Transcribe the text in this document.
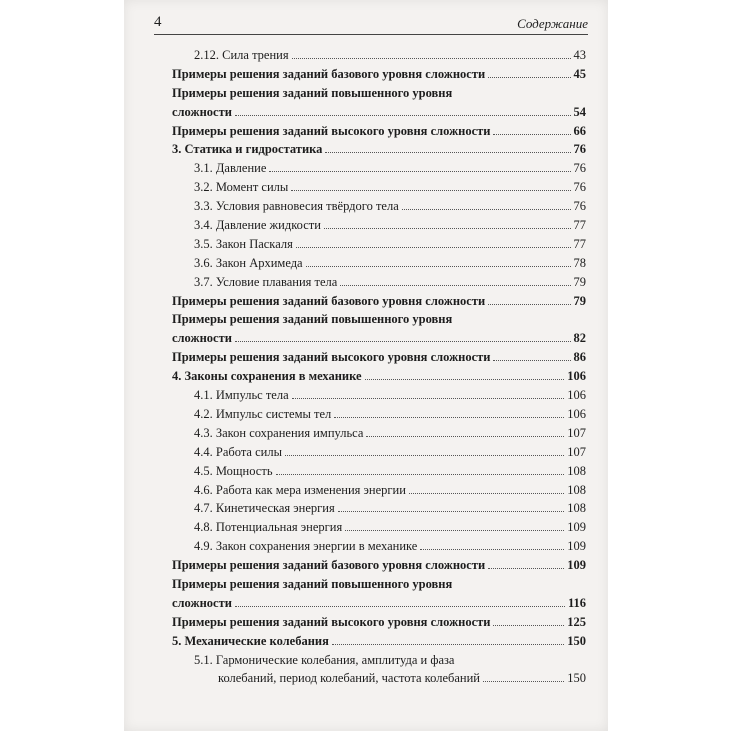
4	Содержание
2.12. Сила трения	43
Примеры решения заданий базового уровня сложности	45
Примеры решения заданий повышенного уровня
сложности	54
Примеры решения заданий высокого уровня сложности	66
3. Статика и гидростатика	76
3.1. Давление	76
3.2. Момент силы	76
3.3. Условия равновесия твёрдого тела	76
3.4. Давление жидкости	77
3.5. Закон Паскаля	77
3.6. Закон Архимеда	78
3.7. Условие плавания тела	79
Примеры решения заданий базового уровня сложности	79
Примеры решения заданий повышенного уровня
сложности	82
Примеры решения заданий высокого уровня сложности	86
4. Законы сохранения в механике	106
4.1. Импульс тела	106
4.2. Импульс системы тел	106
4.3. Закон сохранения импульса	107
4.4. Работа силы	107
4.5. Мощность	108
4.6. Работа как мера изменения энергии	108
4.7. Кинетическая энергия	108
4.8. Потенциальная энергия	109
4.9. Закон сохранения энергии в механике	109
Примеры решения заданий базового уровня сложности	109
Примеры решения заданий повышенного уровня
сложности	116
Примеры решения заданий высокого уровня сложности	125
5. Механические колебания	150
5.1. Гармонические колебания, амплитуда и фаза
колебаний, период колебаний, частота колебаний	150
